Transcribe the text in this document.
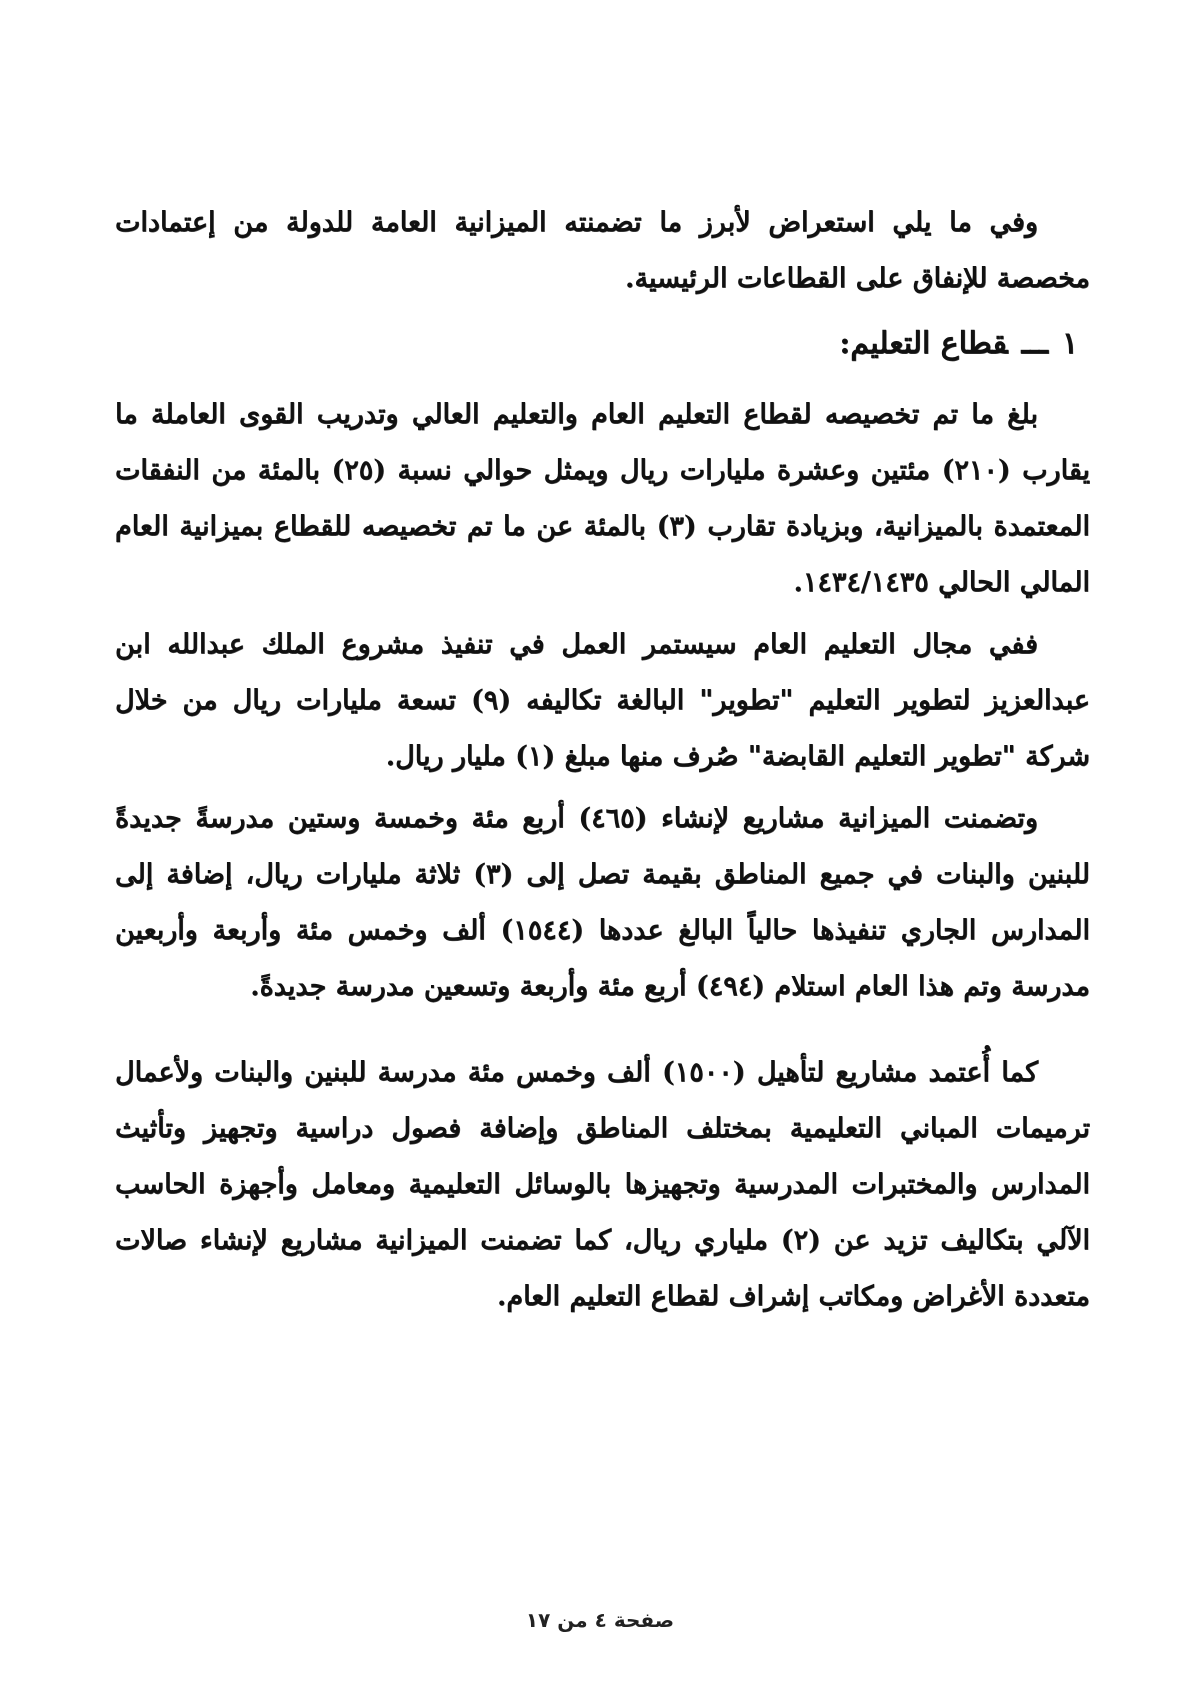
وفي ما يلي استعراض لأبرز ما تضمنته الميزانية العامة للدولة من إعتمادات مخصصة للإنفاق على القطاعات الرئيسية.

١ـــقطاع التعليم:

بلغ ما تم تخصيصه لقطاع التعليم العام والتعليم العالي وتدريب القوى العاملة ما يقارب (٢١٠) مئتين وعشرة مليارات ريال ويمثل حوالي نسبة (٢٥) بالمئة من النفقات المعتمدة بالميزانية، وبزيادة تقارب (٣) بالمئة عن ما تم تخصيصه للقطاع بميزانية العام المالي الحالي ١٤٣٤/١٤٣٥.

ففي مجال التعليم العام سيستمر العمل في تنفيذ مشروع الملك عبدالله ابن عبدالعزيز لتطوير التعليم "تطوير" البالغة تكاليفه (٩) تسعة مليارات ريال من خلال شركة "تطوير التعليم القابضة" صُرف منها مبلغ (١) مليار ريال.

وتضمنت الميزانية مشاريع لإنشاء (٤٦٥) أربع مئة وخمسة وستين مدرسةً جديدةً للبنين والبنات في جميع المناطق بقيمة تصل إلى (٣) ثلاثة مليارات ريال، إضافة إلى المدارس الجاري تنفيذها حالياً البالغ عددها (١٥٤٤) ألف وخمس مئة وأربعة وأربعين مدرسة وتم هذا العام استلام (٤٩٤) أربع مئة وأربعة وتسعين مدرسة جديدةً.

كما أُعتمد مشاريع لتأهيل (١٥٠٠) ألف وخمس مئة مدرسة للبنين والبنات ولأعمال ترميمات المباني التعليمية بمختلف المناطق وإضافة فصول دراسية وتجهيز وتأثيث المدارس والمختبرات المدرسية وتجهيزها بالوسائل التعليمية ومعامل وأجهزة الحاسب الآلي بتكاليف تزيد عن (٢) ملياري ريال، كما تضمنت الميزانية مشاريع لإنشاء صالات متعددة الأغراض ومكاتب إشراف لقطاع التعليم العام.

صفحة ٤ من ١٧
